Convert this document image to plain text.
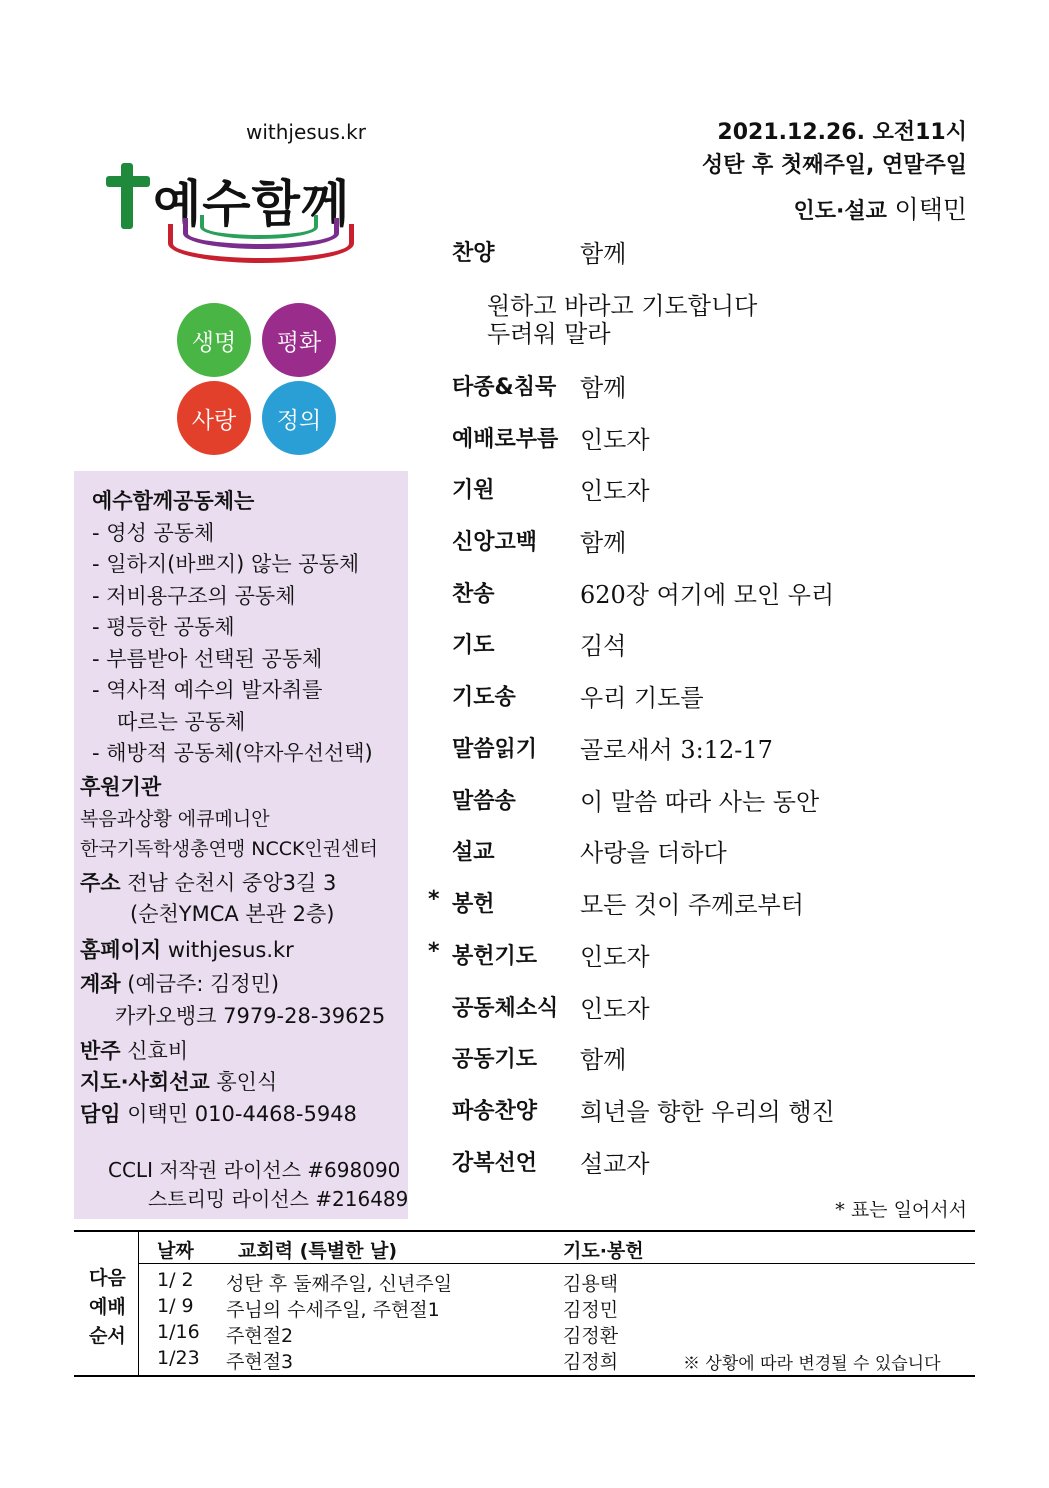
withjesus.kr
예수함께
생명	평화
사랑	정의
예수함께공동체는
- 영성 공동체
- 일하지(바쁘지) 않는 공동체
- 저비용구조의 공동체
- 평등한 공동체
- 부름받아 선택된 공동체
- 역사적 예수의 발자취를
따르는 공동체
- 해방적 공동체(약자우선선택)
후원기관
복음과상황 에큐메니안
한국기독학생총연맹 NCCK인권센터
주소 전남 순천시 중앙3길 3
(순천YMCA 본관 2층)
홈페이지 withjesus.kr
계좌 (예금주: 김정민)
카카오뱅크 7979-28-39625
반주 신효비
지도·사회선교 홍인식
담임 이택민 010-4468-5948
CCLI 저작권 라이선스 #698090
스트리밍 라이선스 #216489
2021.12.26. 오전11시
성탄 후 첫째주일, 연말주일
인도·설교 이택민
찬양	함께
원하고 바라고 기도합니다
두려워 말라
타종&침묵 함께
예배로부름 인도자
기원	인도자
신앙고백 함께
찬송	620장 여기에 모인 우리
기도	김석
기도송	우리 기도를
말씀읽기 골로새서 3:12-17
말씀송	이 말씀 따라 사는 동안
설교	사랑을 더하다
* 봉헌	모든 것이 주께로부터
* 봉헌기도 인도자
공동체소식 인도자
공동기도 함께
파송찬양 희년을 향한 우리의 행진
강복선언 설교자
* 표는 일어서서
다음
예배
순서
날짜 교회력 (특별한 날)	기도·봉헌
1/ 2 성탄 후 둘째주일, 신년주일	김용택
1/ 9 주님의 수세주일, 주현절1	김정민
1/16 주현절2	김정환
1/23 주현절3	김정희	※ 상황에 따라 변경될 수 있습니다
